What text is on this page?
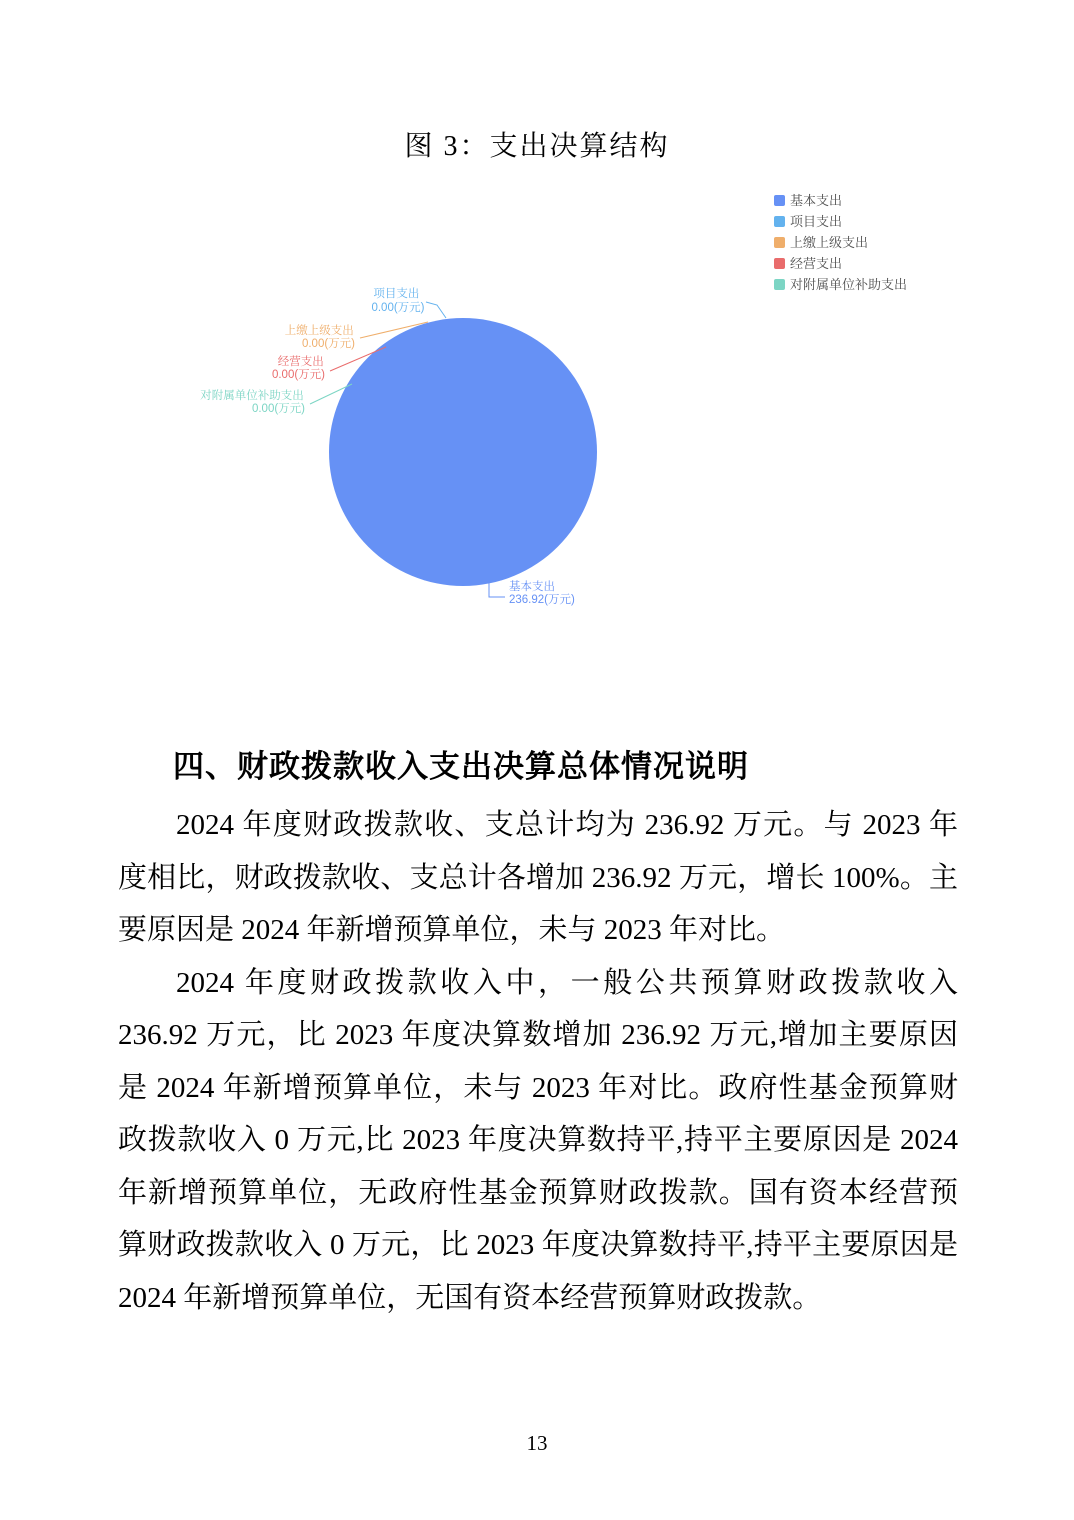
图 3：支出决算结构
项目支出 0.00(万元)
上缴上级支出 0.00(万元)
经营支出 0.00(万元)
对附属单位补助支出 0.00(万元)
基本支出 236.92(万元)
基本支出
项目支出
上缴上级支出
经营支出
对附属单位补助支出
四、财政拨款收入支出决算总体情况说明

2024 年度财政拨款收、支总计均为 236.92 万元。与 2023 年度相比，财政拨款收、支总计各增加 236.92 万元，增长 100%。主要原因是 2024 年新增预算单位，未与 2023 年对比。

2024 年度财政拨款收入中，一般公共预算财政拨款收入 236.92 万元，比 2023 年度决算数增加 236.92 万元,增加主要原因是 2024 年新增预算单位，未与 2023 年对比。政府性基金预算财政拨款收入 0 万元,比 2023 年度决算数持平,持平主要原因是 2024 年新增预算单位，无政府性基金预算财政拨款。国有资本经营预算财政拨款收入 0 万元，比 2023 年度决算数持平,持平主要原因是 2024 年新增预算单位，无国有资本经营预算财政拨款。

13
